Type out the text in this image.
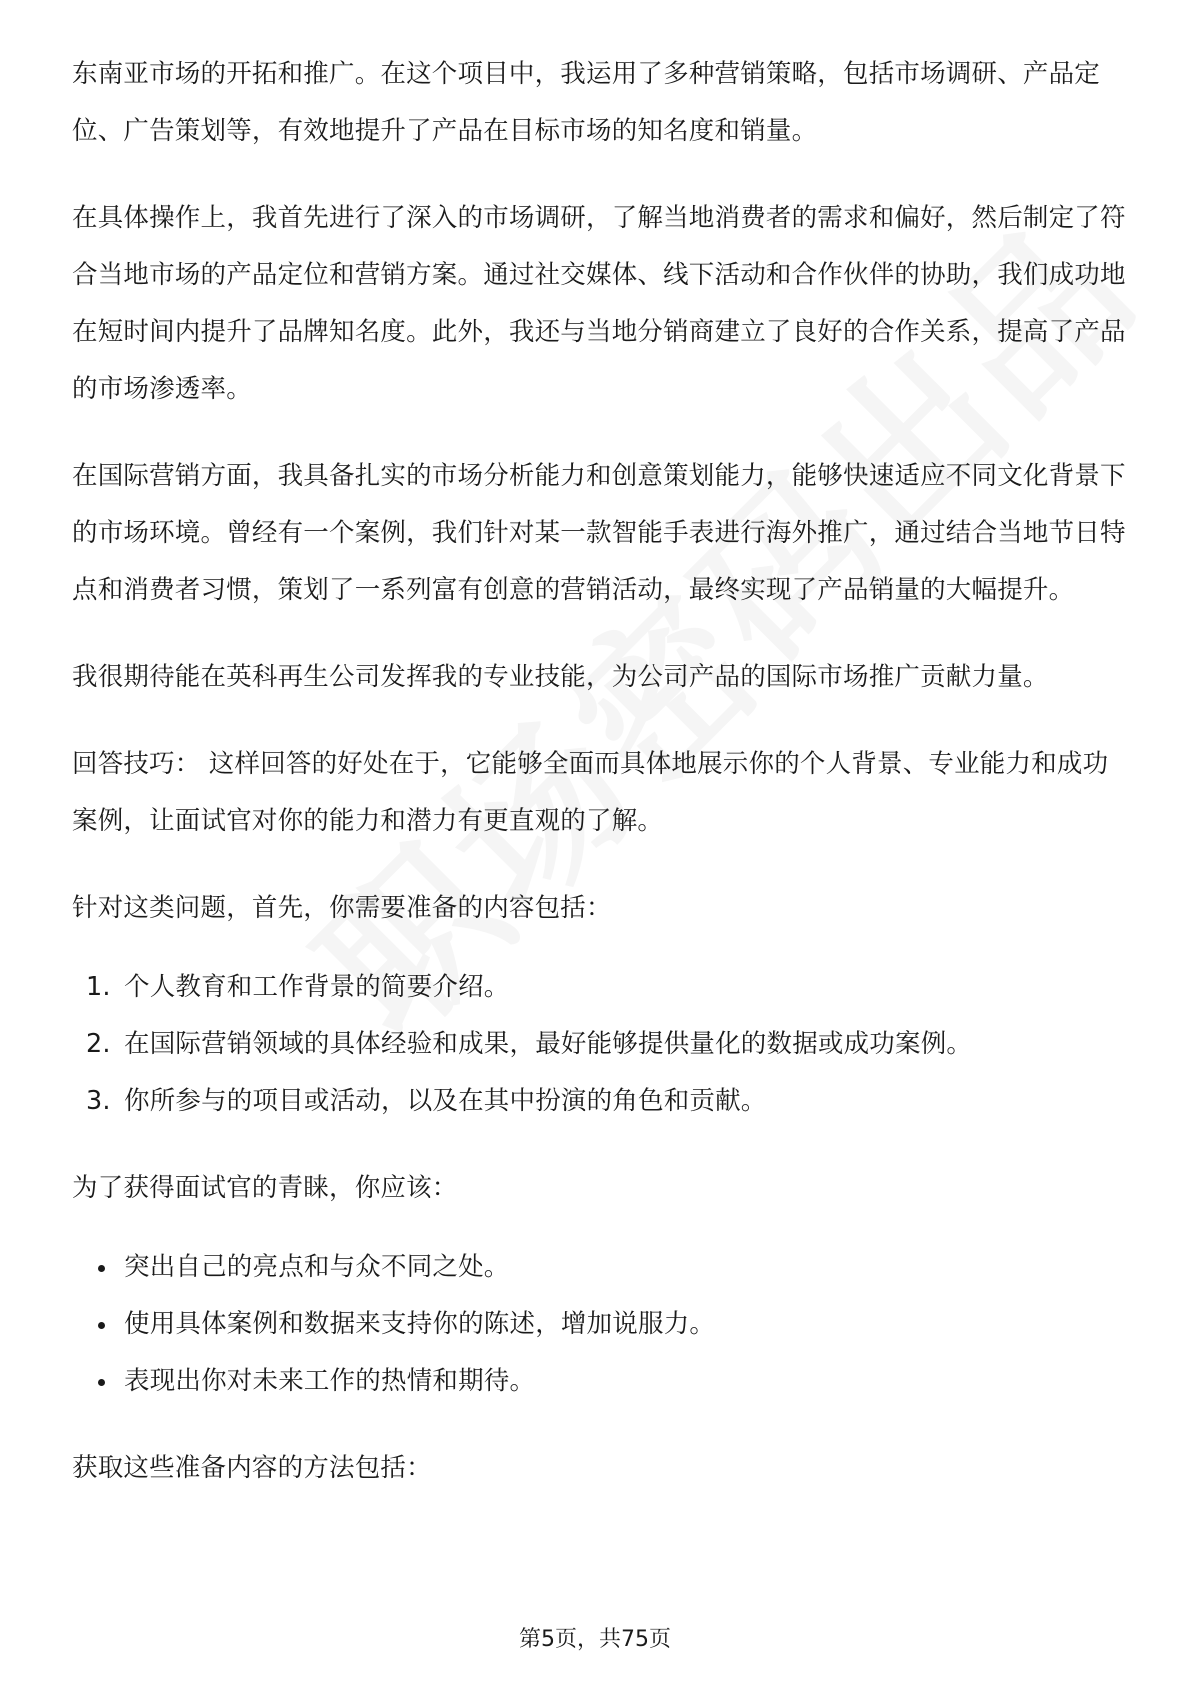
东南亚市场的开拓和推广。在这个项目中，我运用了多种营销策略，包括市场调研、产品定位、广告策划等，有效地提升了产品在目标市场的知名度和销量。

在具体操作上，我首先进行了深入的市场调研，了解当地消费者的需求和偏好，然后制定了符合当地市场的产品定位和营销方案。通过社交媒体、线下活动和合作伙伴的协助，我们成功地在短时间内提升了品牌知名度。此外，我还与当地分销商建立了良好的合作关系，提高了产品的市场渗透率。

在国际营销方面，我具备扎实的市场分析能力和创意策划能力，能够快速适应不同文化背景下的市场环境。曾经有一个案例，我们针对某一款智能手表进行海外推广，通过结合当地节日特点和消费者习惯，策划了一系列富有创意的营销活动，最终实现了产品销量的大幅提升。

我很期待能在英科再生公司发挥我的专业技能，为公司产品的国际市场推广贡献力量。

回答技巧： 这样回答的好处在于，它能够全面而具体地展示你的个人背景、专业能力和成功案例，让面试官对你的能力和潜力有更直观的了解。

针对这类问题，首先，你需要准备的内容包括：

1. 个人教育和工作背景的简要介绍。
2. 在国际营销领域的具体经验和成果，最好能够提供量化的数据或成功案例。
3. 你所参与的项目或活动，以及在其中扮演的角色和贡献。

为了获得面试官的青睐，你应该：

突出自己的亮点和与众不同之处。
使用具体案例和数据来支持你的陈述，增加说服力。
表现出你对未来工作的热情和期待。

获取这些准备内容的方法包括：

第5页，共75页
